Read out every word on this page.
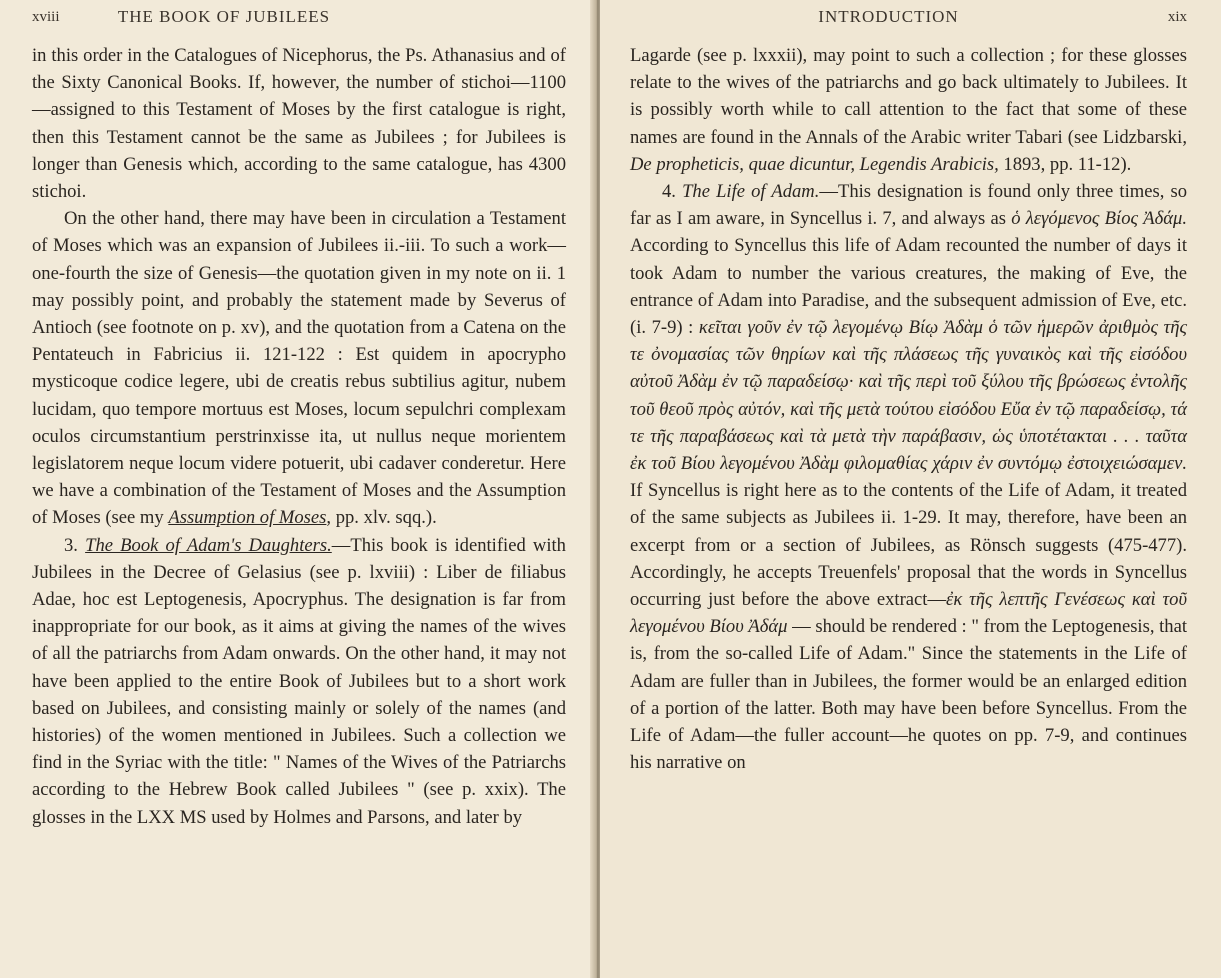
xviii	THE BOOK OF JUBILEES

in this order in the Catalogues of Nicephorus, the Ps. Athanasius and of the Sixty Canonical Books. If, however, the number of stichoi—1100—assigned to this Testament of Moses by the first catalogue is right, then this Testament cannot be the same as Jubilees ; for Jubilees is longer than Genesis which, according to the same catalogue, has 4300 stichoi.

On the other hand, there may have been in circulation a Testament of Moses which was an expansion of Jubilees ii.-iii. To such a work—one-fourth the size of Genesis—the quotation given in my note on ii. 1 may possibly point, and probably the statement made by Severus of Antioch (see footnote on p. xv), and the quotation from a Catena on the Pentateuch in Fabricius ii. 121-122 : Est quidem in apocrypho mysticoque codice legere, ubi de creatis rebus subtilius agitur, nubem lucidam, quo tempore mortuus est Moses, locum sepulchri complexam oculos circumstantium perstrinxisse ita, ut nullus neque morientem legislatorem neque locum videre potuerit, ubi cadaver conderetur. Here we have a combination of the Testament of Moses and the Assumption of Moses (see my Assumption of Moses, pp. xlv. sqq.).

3. The Book of Adam's Daughters.—This book is identified with Jubilees in the Decree of Gelasius (see p. lxviii) : Liber de filiabus Adae, hoc est Leptogenesis, Apocryphus. The designation is far from inappropriate for our book, as it aims at giving the names of the wives of all the patriarchs from Adam onwards. On the other hand, it may not have been applied to the entire Book of Jubilees but to a short work based on Jubilees, and consisting mainly or solely of the names (and histories) of the women mentioned in Jubilees. Such a collection we find in the Syriac with the title: " Names of the Wives of the Patriarchs according to the Hebrew Book called Jubilees " (see p. xxix). The glosses in the LXX MS used by Holmes and Parsons, and later by

INTRODUCTION	xix

Lagarde (see p. lxxxii), may point to such a collection ; for these glosses relate to the wives of the patriarchs and go back ultimately to Jubilees. It is possibly worth while to call attention to the fact that some of these names are found in the Annals of the Arabic writer Tabari (see Lidzbarski, De propheticis, quae dicuntur, Legendis Arabicis, 1893, pp. 11-12).

4. The Life of Adam.—This designation is found only three times, so far as I am aware, in Syncellus i. 7, and always as ὁ λεγόμενος Βίος Ἀδάμ. According to Syncellus this life of Adam recounted the number of days it took Adam to number the various creatures, the making of Eve, the entrance of Adam into Paradise, and the subsequent admission of Eve, etc. (i. 7-9) : κεῖται γοῦν ἐν τῷ λεγομένῳ Βίῳ Ἀδὰμ ὁ τῶν ἡμερῶν ἀριθμὸς τῆς τε ὀνομασίας τῶν θηρίων καὶ τῆς πλάσεως τῆς γυναικὸς καὶ τῆς εἰσόδου αὐτοῦ Ἀδὰμ ἐν τῷ παραδείσῳ· καὶ τῆς περὶ τοῦ ξύλου τῆς βρώσεως ἐντολῆς τοῦ θεοῦ πρὸς αὐτόν, καὶ τῆς μετὰ τούτου εἰσόδου Εὔα ἐν τῷ παραδείσῳ, τά τε τῆς παραβάσεως καὶ τὰ μετὰ τὴν παράβασιν, ὡς ὑποτέτακται . . . ταῦτα ἐκ τοῦ Βίου λεγομένου Ἀδὰμ φιλομαθίας χάριν ἐν συντόμῳ ἐστοιχειώσαμεν. If Syncellus is right here as to the contents of the Life of Adam, it treated of the same subjects as Jubilees ii. 1-29. It may, therefore, have been an excerpt from or a section of Jubilees, as Rönsch suggests (475-477). Accordingly, he accepts Treuenfels' proposal that the words in Syncellus occurring just before the above extract—ἐκ τῆς λεπτῆς Γενέσεως καὶ τοῦ λεγομένου Βίου Ἀδάμ — should be rendered : " from the Leptogenesis, that is, from the so-called Life of Adam." Since the statements in the Life of Adam are fuller than in Jubilees, the former would be an enlarged edition of a portion of the latter. Both may have been before Syncellus. From the Life of Adam—the fuller account—he quotes on pp. 7-9, and continues his narrative on
